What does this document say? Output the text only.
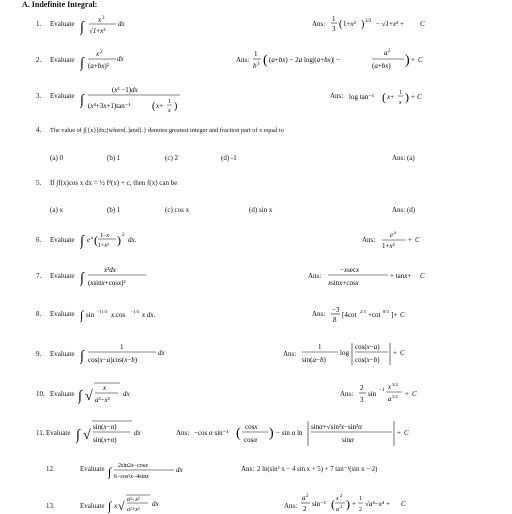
A. Indefinite Integral:
1. Evaluate ∫ x 3
√1+x²
dx	Ans:
1
3 ( 1+x² ) 3/2 − √1+x² + C
2. Evaluate ∫
x 2
(a+bx)²
dx	Ans:
1
b 3 ( (a+bx) − 2a log|(a+bx)| −
a 2
(a+bx) ) + C
3. Evaluate ∫
(x² −1)dx
(x⁴+3x+1)tan⁻¹ ( x+ 1
x )
Ans: log tan⁻¹ ( x+ 1
x ) + C
4. The value of ∫[{x}]dx;(where[.]and{.} denotes greatest integer and fraction part of x equal to
(a) 0	(b) 1	(c) 2	(d) -1	Ans: (a)
5. If ∫f(x)cos x dx = ½ f²(x) + c, then f(x) can be
(a) x	(b) 1	(c) cos x	(d) sin x	Ans: (d)
6. Evaluate ∫ e x ( 1−x
1+x² ) 2
dx.	Ans:
e x
1+x²
+ C
7. Evaluate ∫
x²dx
(xsinx+cosx)²
Ans:
−xsecx
xsinx+cosx
+ tanx+ C
8. Evaluate ∫ sin −11/3 x.cos −1/3 x dx.	Ans: −3
8
[4cot 2/3 +cot 8/3 ]+ C
9. Evaluate ∫
1
cos(x−a)cos(x−b)
dx	Ans:
1
sin(a−b)
log
cos(x−a)
cos(x−b)
+ C
10. Evaluate ∫ √
x
a³−x³
dx	Ans:
2
3
sin −1 x 3/2
a 3/2 + C
11. Evaluate ∫ √
sin(x−α)
sin(x+α)
dx	Ans: −cos α sin⁻¹ ( cosx
cosα ) − sin α ln
sinα+√sin²x−sin²α
sinα
+ C
12.	Evaluate ∫ 2sin2x−cosx
6−cos²x−4sinx
dx	Ans: 2 ln(sin² x − 4 sin x + 5) + 7 tan⁻¹(sin x − 2)
13.	Evaluate ∫ x √ a²−x²
a²+x²
dx	Ans:
a 2
2
sin⁻¹ ( x
2
a
2 ) +
1
2
√a⁴−x⁴ + C
